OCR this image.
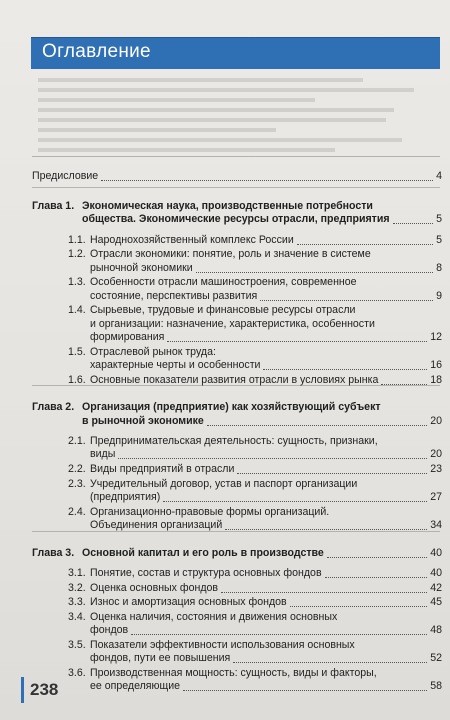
Оглавление
Предисловие	4
Глава 1. Экономическая наука, производственные потребности
общества. Экономические ресурсы отрасли, предприятия	5
1.1. Народнохозяйственный комплекс России	5
1.2. Отрасли экономики: понятие, роль и значение в системе
рыночной экономики	8
1.3. Особенности отрасли машиностроения, современное
состояние, перспективы развития	9
1.4. Сырьевые, трудовые и финансовые ресурсы отрасли
и организации: назначение, характеристика, особенности
формирования	12
1.5. Отраслевой рынок труда:
характерные черты и особенности	16
1.6. Основные показатели развития отрасли в условиях рынка	18
Глава 2. Организация (предприятие) как хозяйствующий субъект
в рыночной экономике	20
2.1. Предпринимательская деятельность: сущность, признаки,
виды	20
2.2. Виды предприятий в отрасли	23
2.3. Учредительный договор, устав и паспорт организации
(предприятия)	27
2.4. Организационно-правовые формы организаций.
Объединения организаций	34
Глава 3. Основной капитал и его роль в производстве	40
3.1. Понятие, состав и структура основных фондов	40
3.2. Оценка основных фондов	42
3.3. Износ и амортизация основных фондов	45
3.4. Оценка наличия, состояния и движения основных
фондов	48
3.5. Показатели эффективности использования основных
фондов, пути ее повышения	52
3.6. Производственная мощность: сущность, виды и факторы,
ее определяющие	58
238
